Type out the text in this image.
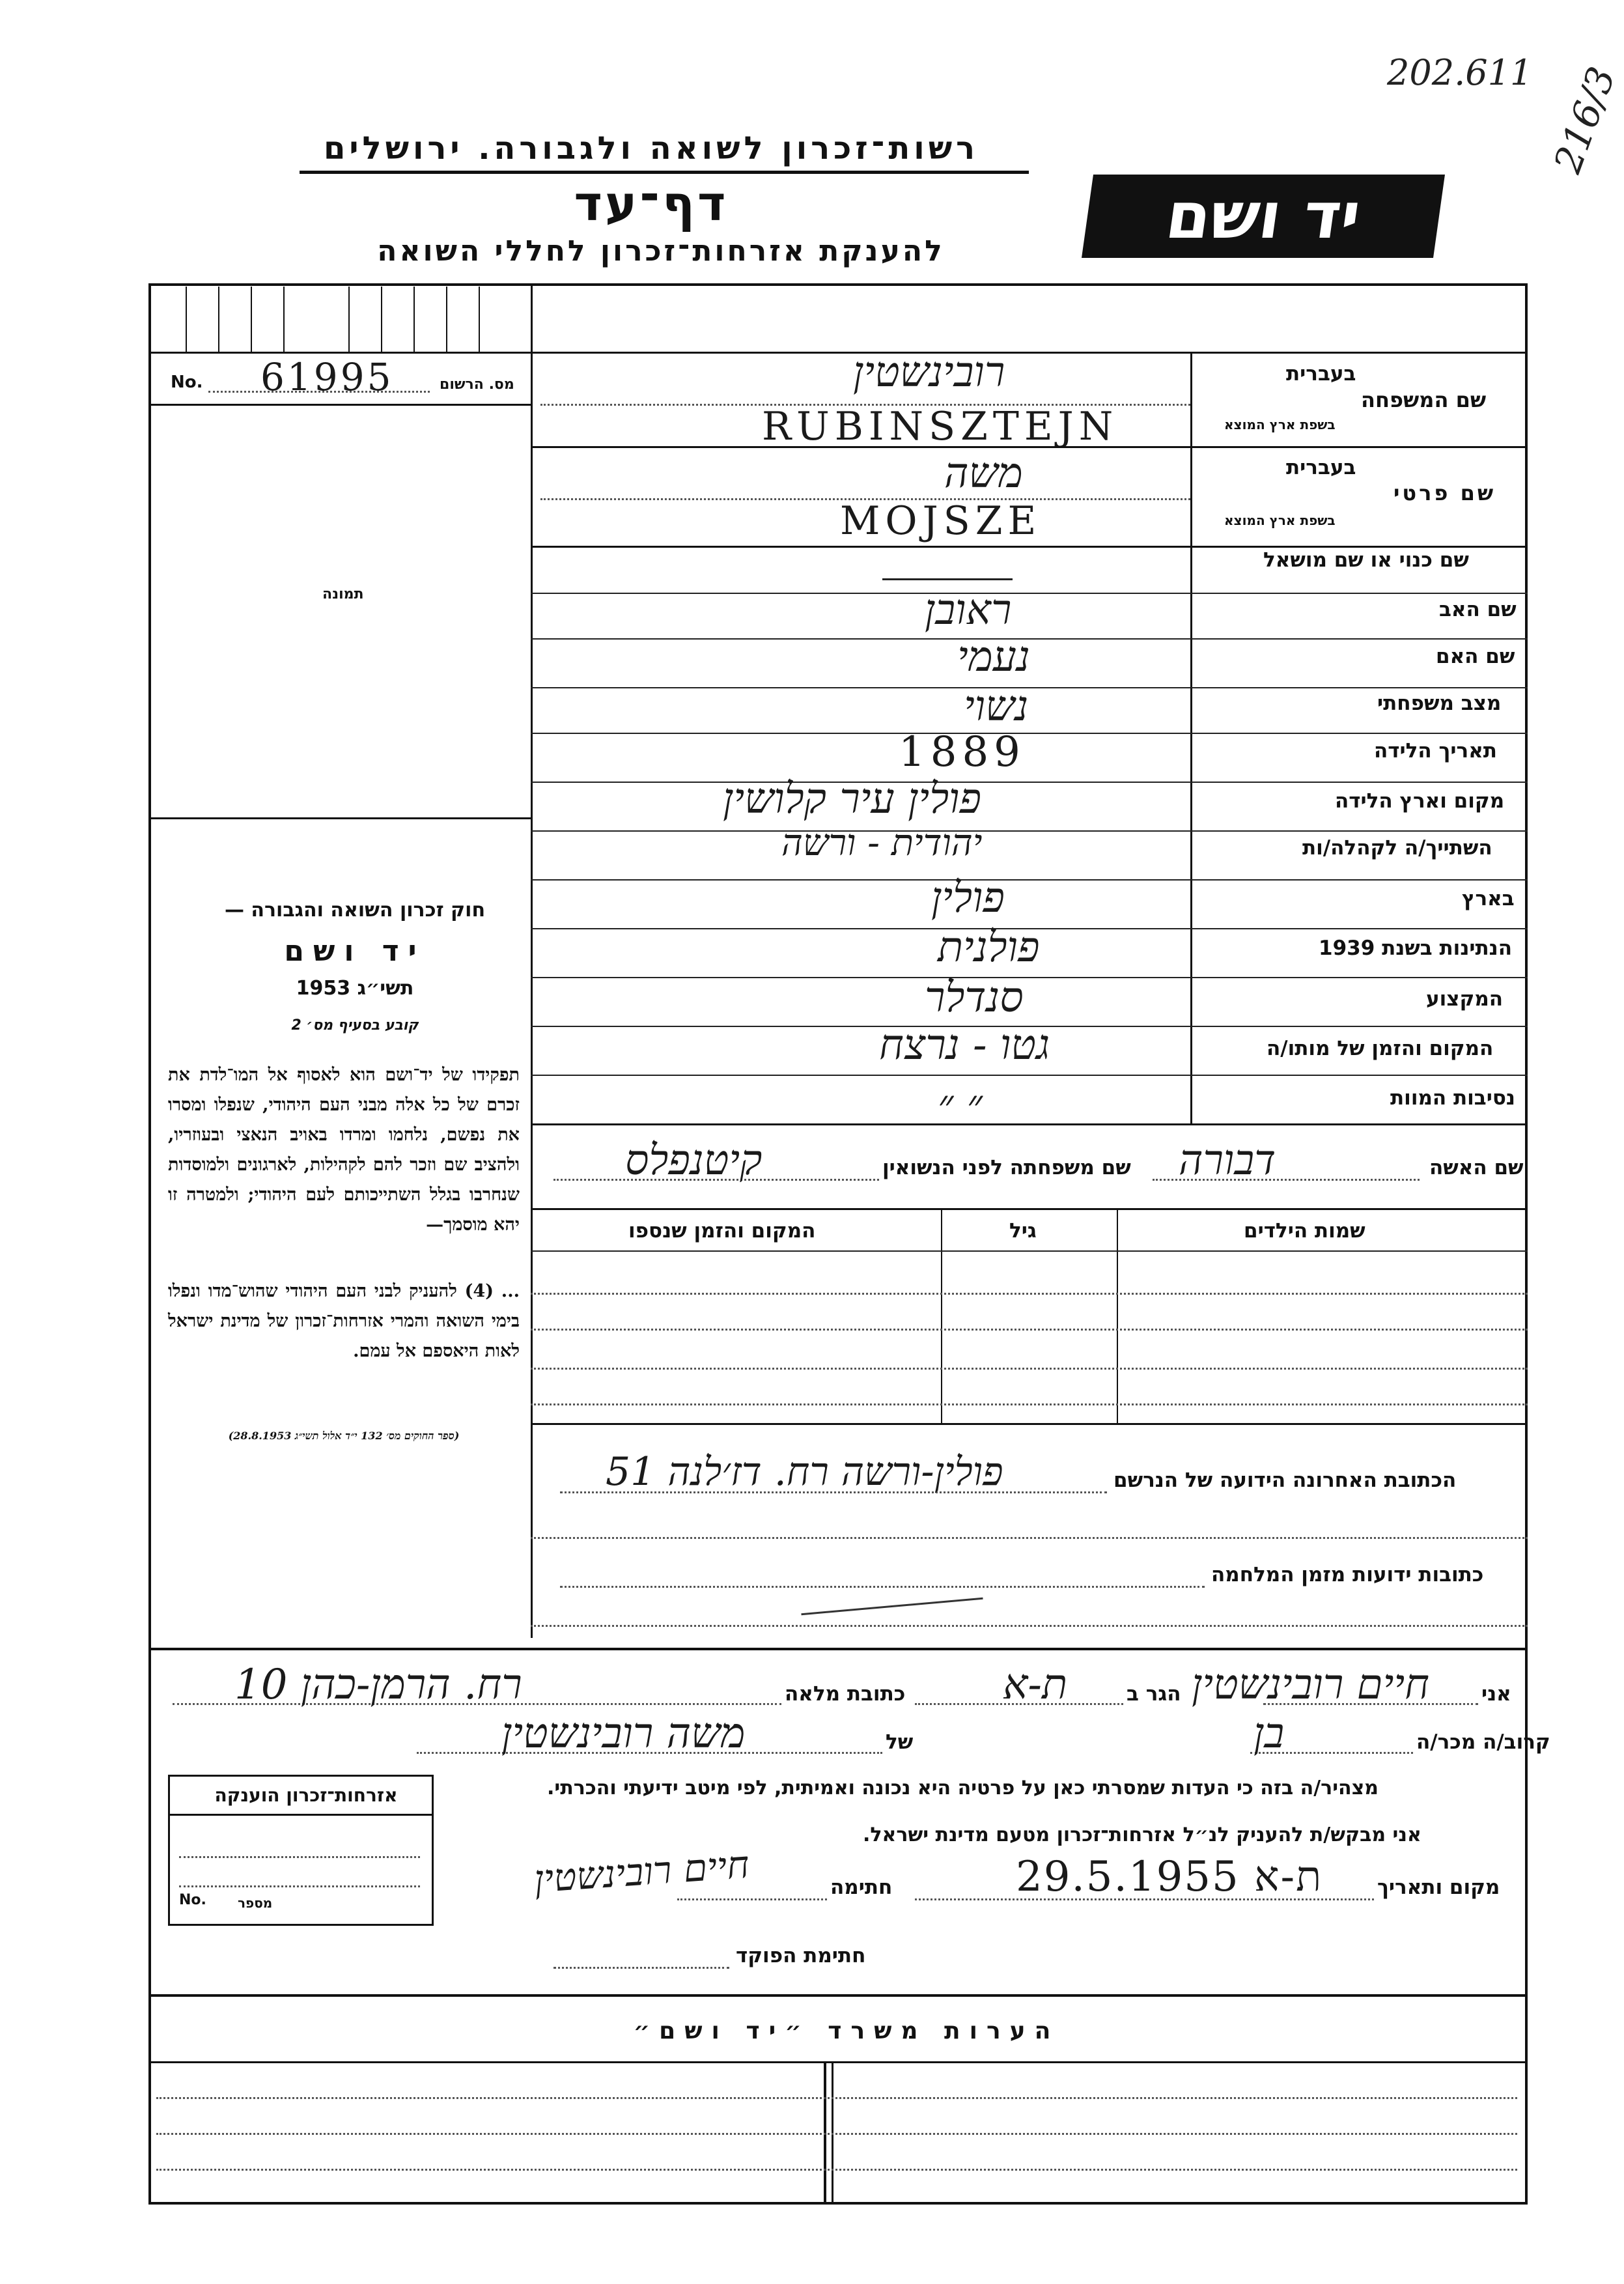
202.611 216/3
רשות־זכרון לשואה ולגבורה. ירושלים
דף־עד
להענקת אזרחות־זכרון לחללי השואה	יד ושם
No. 61995	מס. הרשום
תמונה
חוק זכרון השואה והגבורה —
יד ושם
תשי״ג 1953
קובע בסעיף מס׳ 2
תפקידו של יד־ושם הוא לאסוף אל המו־לדת את זכרם של כל אלה מבני העם היהודי, שנפלו ומסרו את נפשם, נלחמו ומרדו באויב הנאצי ובעוזריו, ולהציב שם וזכר להם לקהילות, לארגונים ולמוסדות שנחרבו בגלל השתייכותם לעם היהודי; ולמטרה זו יהא מוסמך—
... (4) להעניק לבני העם היהודי שהוש־מדו ונפלו בימי השואה והמרי אזרחות־זכרון של מדינת ישראל לאות היאספם אל עמם.
(ספר החוקים מס׳ 132 י״ד אלול תשי״ג 28.8.1953)
בעברית
שם המשפחה
בשפת ארץ המוצא
רובינשטין
RUBINSZTEJN
בעברית
שם פרטי
בשפת ארץ המוצא
משה
MOJSZE
שם כנוי או שם מושאל
שם האב
ראובן
שם האם
נעמי
מצב משפחתי
נשוי
תאריך הלידה
1889
מקום וארץ הלידה
פולין עיר קלושין
השתייך/ה לקהלה/ות
יהודית - ורשה
בארץ
פולין
הנתינות בשנת 1939
פולנית
המקצוע
סנדלר
המקום והזמן של מותו/ה
גטו - נרצח
נסיבות המוות
״ ״
שם האשה
דבורה
שם משפחתה לפני הנשואין
קיטנפלס
שמות הילדים
גיל
המקום והזמן שנספו
הכתובת האחרונה הידועה של הנרשם
פולין-ורשה רח. דז׳לנה 51
כתובות ידועות מזמן המלחמה
אני
חיים רובינשטין
הגר ב
ת-א
כתובת מלאה
רח. הרמן-כהן 10
קרוב/ה מכר/ה
בן
של
משה רובינשטין
מצהיר/ה בזה כי העדות שמסרתי כאן על פרטיה היא נכונה ואמיתית, לפי מיטב ידיעתי והכרתי.
אני מבקש/ת להעניק לנ״ל אזרחות־זכרון מטעם מדינת ישראל.
מקום ותאריך
ת-א 29.5.1955
חתימה
חיים רובינשטין
חתימת הפוקד
אזרחות־זכרון הוענקה
No. מספר
הערות משרד ״יד ושם״
